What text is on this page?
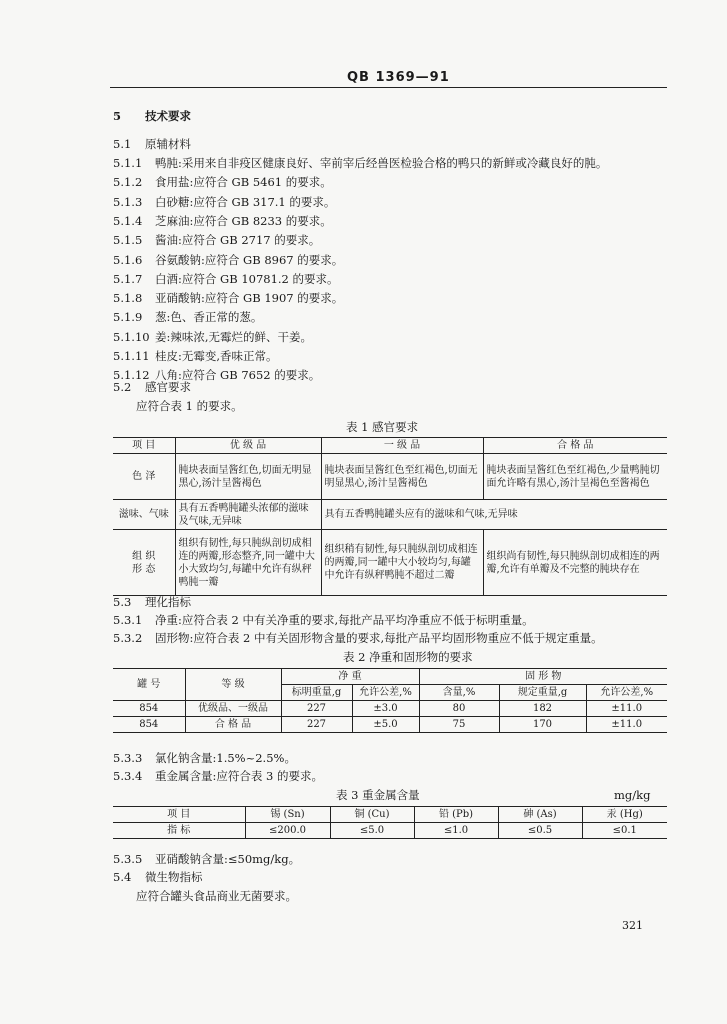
QB 1369—91
5 技术要求
5.1 原辅材料
5.1.1 鸭肫:采用来自非疫区健康良好、宰前宰后经兽医检验合格的鸭只的新鲜或冷藏良好的肫。
5.1.2 食用盐:应符合 GB 5461 的要求。
5.1.3 白砂糖:应符合 GB 317.1 的要求。
5.1.4 芝麻油:应符合 GB 8233 的要求。
5.1.5 酱油:应符合 GB 2717 的要求。
5.1.6 谷氨酸钠:应符合 GB 8967 的要求。
5.1.7 白酒:应符合 GB 10781.2 的要求。
5.1.8 亚硝酸钠:应符合 GB 1907 的要求。
5.1.9 葱:色、香正常的葱。
5.1.10 姜:辣味浓,无霉烂的鲜、干姜。
5.1.11 桂皮:无霉变,香味正常。
5.1.12 八角:应符合 GB 7652 的要求。
5.2 感官要求
应符合表 1 的要求。
表 1 感官要求
项 目	优 级 品	一 级 品	合 格 品
色 泽	肫块表面呈酱红色,切面无明显黑心,汤汁呈酱褐色	肫块表面呈酱红色至红褐色,切面无明显黑心,汤汁呈酱褐色	肫块表面呈酱红色至红褐色,少量鸭肫切面允许略有黑心,汤汁呈褐色至酱褐色
滋味、气味	具有五香鸭肫罐头浓郁的滋味及气味,无异味	具有五香鸭肫罐头应有的滋味和气味,无异味	
组 织
形 态	组织有韧性,每只肫纵剖切成相连的两瓣,形态整齐,同一罐中大小大致均匀,每罐中允许有纵秤鸭肫一瓣	组织稍有韧性,每只肫纵剖切成相连的两瓣,同一罐中大小较均匀,每罐中允许有纵秤鸭肫不超过二瓣	组织尚有韧性,每只肫纵剖切成相连的两瓣,允许有单瓣及不完整的肫块存在
5.3 理化指标
5.3.1 净重:应符合表 2 中有关净重的要求,每批产品平均净重应不低于标明重量。
5.3.2 固形物:应符合表 2 中有关固形物含量的要求,每批产品平均固形物重应不低于规定重量。
表 2 净重和固形物的要求
罐 号	等 级	净 重		固 形 物		
		标明重量,g	允许公差,%	含量,%	规定重量,g	允许公差,%
854	优级品、一级品	227	±3.0	80	182	±11.0
854	合 格 品	227	±5.0	75	170	±11.0
5.3.3 氯化钠含量:1.5%~2.5%。
5.3.4 重金属含量:应符合表 3 的要求。
表 3 重金属含量	mg/kg
项 目	锡 (Sn)	铜 (Cu)	铅 (Pb)	砷 (As)	汞 (Hg)
指 标	≤200.0	≤5.0	≤1.0	≤0.5	≤0.1
5.3.5 亚硝酸钠含量:≤50mg/kg。
5.4 微生物指标
应符合罐头食品商业无菌要求。
321
